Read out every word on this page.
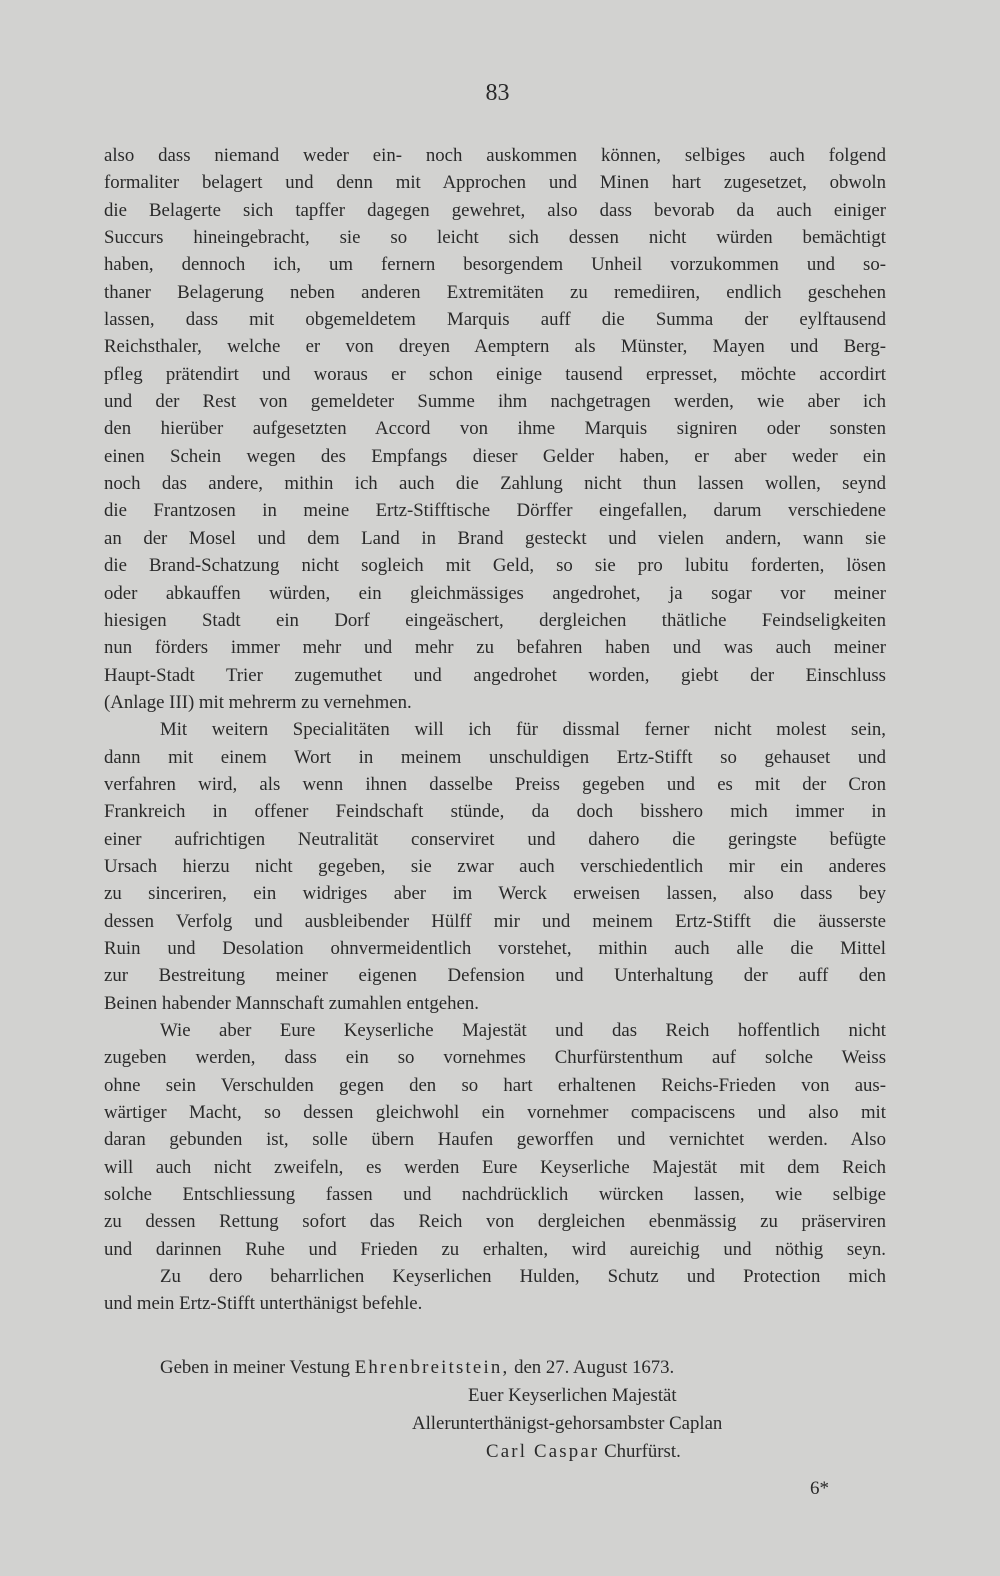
83
also dass niemand weder ein- noch auskommen können, selbiges auch folgend
formaliter belagert und denn mit Approchen und Minen hart zugesetzet, obwoln
die Belagerte sich tapffer dagegen gewehret, also dass bevorab da auch einiger
Succurs hineingebracht, sie so leicht sich dessen nicht würden bemächtigt
haben, dennoch ich, um fernern besorgendem Unheil vorzukommen und so-
thaner Belagerung neben anderen Extremitäten zu remediiren, endlich geschehen
lassen, dass mit obgemeldetem Marquis auff die Summa der eylftausend
Reichsthaler, welche er von dreyen Aemptern als Münster, Mayen und Berg-
pfleg prätendirt und woraus er schon einige tausend erpresset, möchte accordirt
und der Rest von gemeldeter Summe ihm nachgetragen werden, wie aber ich
den hierüber aufgesetzten Accord von ihme Marquis signiren oder sonsten
einen Schein wegen des Empfangs dieser Gelder haben, er aber weder ein
noch das andere, mithin ich auch die Zahlung nicht thun lassen wollen, seynd
die Frantzosen in meine Ertz-Stifftische Dörffer eingefallen, darum verschiedene
an der Mosel und dem Land in Brand gesteckt und vielen andern, wann sie
die Brand-Schatzung nicht sogleich mit Geld, so sie pro lubitu forderten, lösen
oder abkauffen würden, ein gleichmässiges angedrohet, ja sogar vor meiner
hiesigen Stadt ein Dorf eingeäschert, dergleichen thätliche Feindseligkeiten
nun förders immer mehr und mehr zu befahren haben und was auch meiner
Haupt-Stadt Trier zugemuthet und angedrohet worden, giebt der Einschluss
(Anlage III) mit mehrerm zu vernehmen.
Mit weitern Specialitäten will ich für dissmal ferner nicht molest sein,
dann mit einem Wort in meinem unschuldigen Ertz-Stifft so gehauset und
verfahren wird, als wenn ihnen dasselbe Preiss gegeben und es mit der Cron
Frankreich in offener Feindschaft stünde, da doch bisshero mich immer in
einer aufrichtigen Neutralität conserviret und dahero die geringste befügte
Ursach hierzu nicht gegeben, sie zwar auch verschiedentlich mir ein anderes
zu sinceriren, ein widriges aber im Werck erweisen lassen, also dass bey
dessen Verfolg und ausbleibender Hülff mir und meinem Ertz-Stifft die äusserste
Ruin und Desolation ohnvermeidentlich vorstehet, mithin auch alle die Mittel
zur Bestreitung meiner eigenen Defension und Unterhaltung der auff den
Beinen habender Mannschaft zumahlen entgehen.
Wie aber Eure Keyserliche Majestät und das Reich hoffentlich nicht
zugeben werden, dass ein so vornehmes Churfürstenthum auf solche Weiss
ohne sein Verschulden gegen den so hart erhaltenen Reichs-Frieden von aus-
wärtiger Macht, so dessen gleichwohl ein vornehmer compaciscens und also mit
daran gebunden ist, solle übern Haufen geworffen und vernichtet werden. Also
will auch nicht zweifeln, es werden Eure Keyserliche Majestät mit dem Reich
solche Entschliessung fassen und nachdrücklich würcken lassen, wie selbige
zu dessen Rettung sofort das Reich von dergleichen ebenmässig zu präserviren
und darinnen Ruhe und Frieden zu erhalten, wird aureichig und nöthig seyn.
Zu dero beharrlichen Keyserlichen Hulden, Schutz und Protection mich
und mein Ertz-Stifft unterthänigst befehle.
Geben in meiner Vestung Ehrenbreitstein, den 27. August 1673.
Euer Keyserlichen Majestät
Allerunterthänigst-gehorsambster Caplan
Carl Caspar Churfürst.
6*
